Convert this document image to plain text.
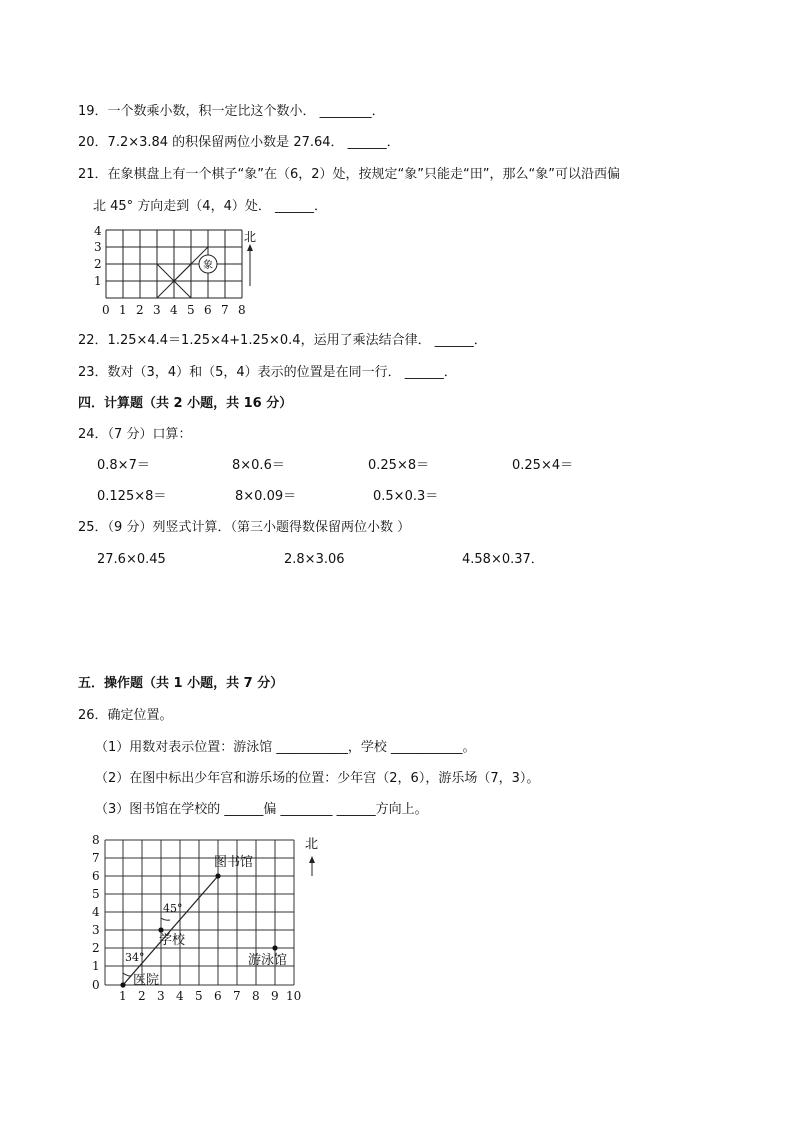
19．一个数乘小数，积一定比这个数小． ________．
20．7.2×3.84 的积保留两位小数是 27.64． ______．
21．在象棋盘上有一个棋子“象”在（6，2）处，按规定“象”只能走“田”，那么“象”可以沿西偏
北 45° 方向走到（4，4）处． ______．
象
1
2
3
4
0 1 2 3 4 5 6 7 8
北
22．1.25×4.4＝1.25×4+1.25×0.4，运用了乘法结合律． ______．
23．数对（3，4）和（5，4）表示的位置是在同一行． ______．
四．计算题（共 2 小题，共 16 分）
24．（7 分）口算：
0.8×7＝	8×0.6＝	0.25×8＝	0.25×4＝
0.125×8＝	8×0.09＝	0.5×0.3＝
25．（9 分）列竖式计算．（第三小题得数保留两位小数 ）
27.6×0.45	2.8×3.06	4.58×0.37．
五．操作题（共 1 小题，共 7 分）
26．确定位置。
（1）用数对表示位置：游泳馆 ___________，学校 ___________。
（2）在图中标出少年宫和游乐场的位置：少年宫（2，6），游乐场（7，3）。
（3）图书馆在学校的 ______偏 ________ ______方向上。
图书馆
学校
医院
游泳馆
45°
34°
0
1
2
3
4
5
6
7
8
1 2 3 4 5 6 7 8 9 10
北
